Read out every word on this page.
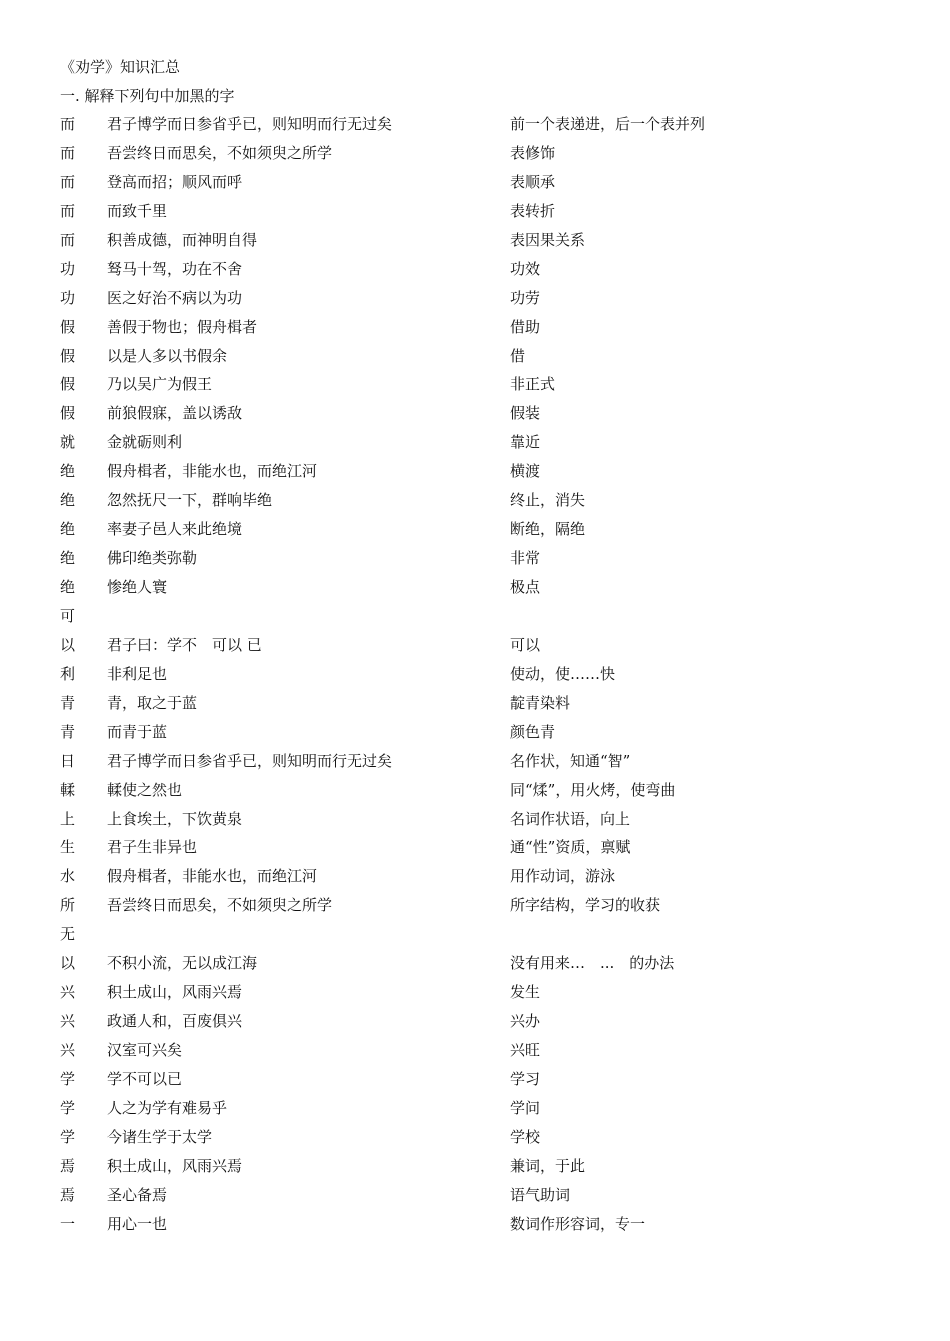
《劝学》知识汇总
一. 解释下列句中加黑的字
而 君子博学而日参省乎已，则知明而行无过矣	前一个表递进，后一个表并列
而 吾尝终日而思矣，不如须臾之所学	表修饰
而 登高而招；顺风而呼	表顺承
而 而致千里	表转折
而 积善成德，而神明自得	表因果关系
功 驽马十驾，功在不舍	功效
功 医之好治不病以为功	功劳
假 善假于物也；假舟楫者	借助
假 以是人多以书假余	借
假 乃以吴广为假王	非正式
假 前狼假寐，盖以诱敌	假装
就 金就砺则利	靠近
绝 假舟楫者，非能水也，而绝江河	横渡
绝 忽然抚尺一下，群响毕绝	终止，消失
绝 率妻子邑人来此绝境	断绝，隔绝
绝 佛印绝类弥勒	非常
绝 惨绝人寰	极点
可
以 君子曰：学不　可以 已	可以
利 非利足也	使动，使……快
青 青，取之于蓝	靛青染料
青 而青于蓝	颜色青
日 君子博学而日参省乎已，则知明而行无过矣	名作状，知通“智”
輮 輮使之然也	同“煣”，用火烤，使弯曲
上 上食埃土，下饮黄泉	名词作状语，向上
生 君子生非异也	通“性”资质，禀赋
水 假舟楫者，非能水也，而绝江河	用作动词，游泳
所 吾尝终日而思矣，不如须臾之所学	所字结构，学习的收获
无
以 不积小流，无以成江海	没有用来…　...　的办法
兴 积土成山，风雨兴焉	发生
兴 政通人和，百废俱兴	兴办
兴 汉室可兴矣	兴旺
学 学不可以已	学习
学 人之为学有难易乎	学问
学 今诸生学于太学	学校
焉 积土成山，风雨兴焉	兼词，于此
焉 圣心备焉	语气助词
一 用心一也	数词作形容词，专一
